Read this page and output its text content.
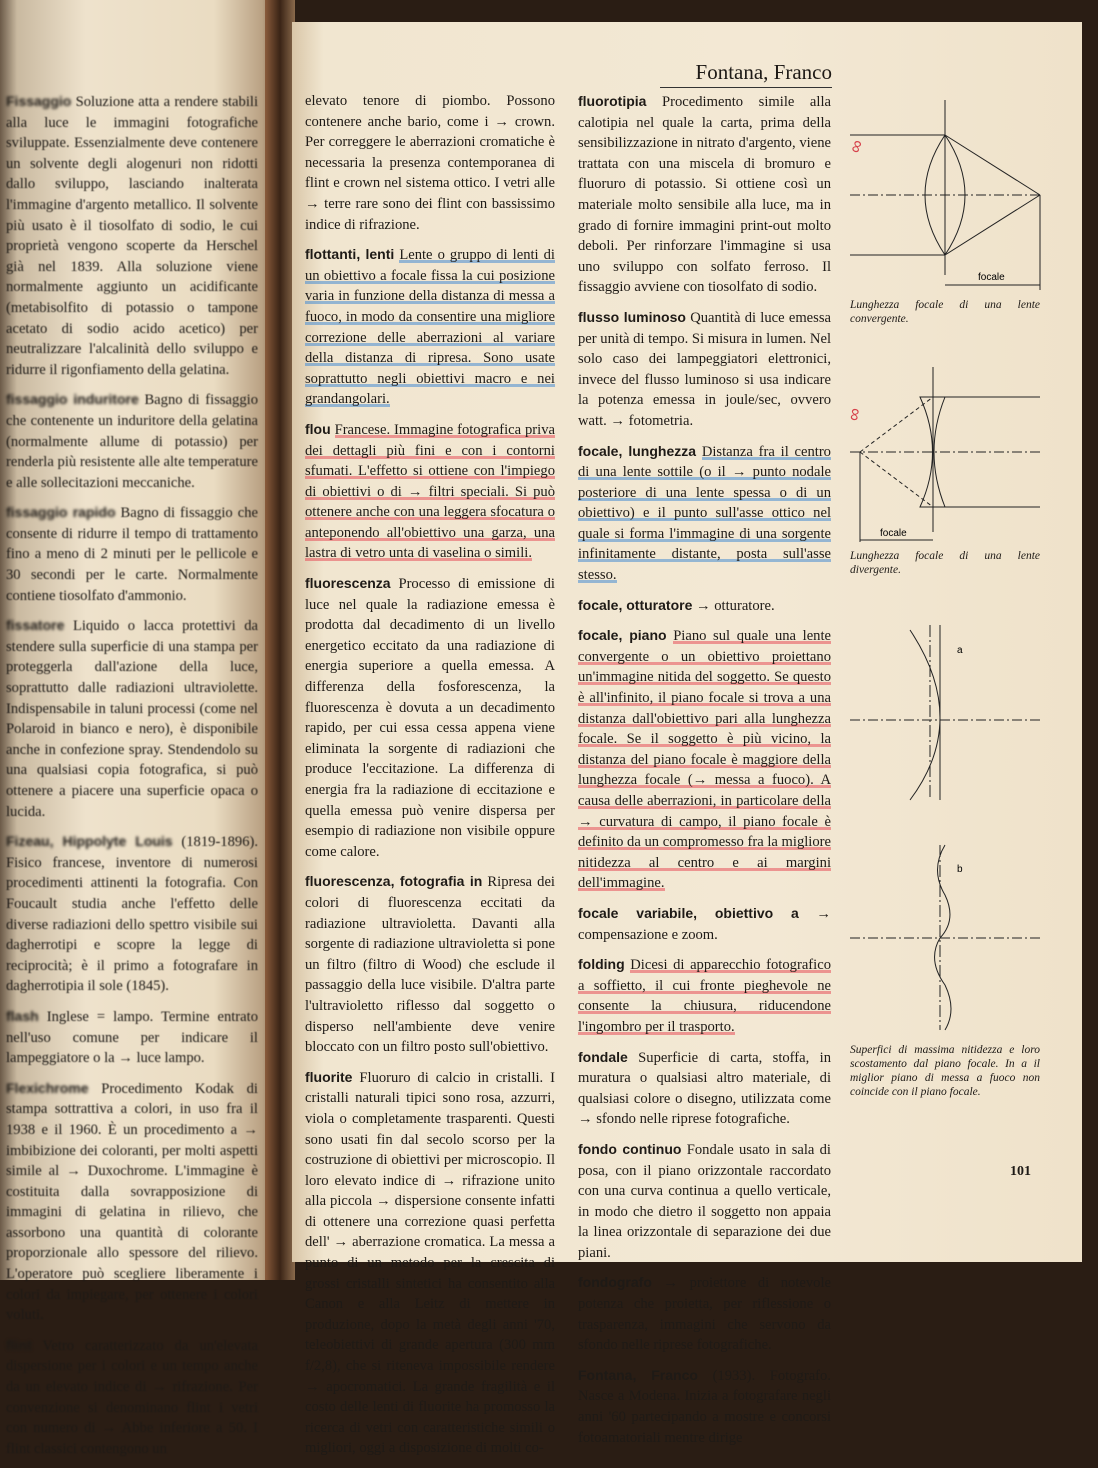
Fontana, Franco

Fissaggio Soluzione atta a rendere stabili alla luce le immagini fotografiche sviluppate. Essenzialmente deve contenere un solvente degli alogenuri non ridotti dallo sviluppo, lasciando inalterata l'immagine d'argento metallico. Il solvente più usato è il tiosolfato di sodio, le cui proprietà vengono scoperte da Herschel già nel 1839. Alla soluzione viene normalmente aggiunto un acidificante (metabisolfito di potassio o tampone acetato di sodio acido acetico) per neutralizzare l'alcalinità dello sviluppo e ridurre il rigonfiamento della gelatina.

fissaggio induritore Bagno di fissaggio che contenente un induritore della gelatina (normalmente allume di potassio) per renderla più resistente alle alte temperature e alle sollecitazioni meccaniche.

fissaggio rapido Bagno di fissaggio che consente di ridurre il tempo di trattamento fino a meno di 2 minuti per le pellicole e 30 secondi per le carte. Normalmente contiene tiosolfato d'ammonio.

fissatore Liquido o lacca protettivi da stendere sulla superficie di una stampa per proteggerla dall'azione della luce, soprattutto dalle radiazioni ultraviolette. Indispensabile in taluni processi (come nel Polaroid in bianco e nero), è disponibile anche in confezione spray. Stendendolo su una qualsiasi copia fotografica, si può ottenere a piacere una superficie opaca o lucida.

Fizeau, Hippolyte Louis (1819-1896). Fisico francese, inventore di numerosi procedimenti attinenti la fotografia. Con Foucault studia anche l'effetto delle diverse radiazioni dello spettro visibile sui dagherrotipi e scopre la legge di reciprocità; è il primo a fotografare in dagherrotipia il sole (1845).

flash Inglese = lampo. Termine entrato nell'uso comune per indicare il lampeggiatore o la → luce lampo.

Flexichrome Procedimento Kodak di stampa sottrattiva a colori, in uso fra il 1938 e il 1960. È un procedimento a → imbibizione dei coloranti, per molti aspetti simile al → Duxochrome. L'immagine è costituita dalla sovrapposizione di immagini di gelatina in rilievo, che assorbono una quantità di colorante proporzionale allo spessore del rilievo. L'operatore può scegliere liberamente i colori da impiegare, per ottenere i colori voluti.

flint Vetro caratterizzato da un'elevata dispersione per i colori e un tempo anche da un elevato indice di → rifrazione. Per convenzione si denominano flint i vetri con numero di → Abbe inferiore a 50. I flint classici contengono un

elevato tenore di piombo. Possono contenere anche bario, come i → crown. Per correggere le aberrazioni cromatiche è necessaria la presenza contemporanea di flint e crown nel sistema ottico. I vetri alle → terre rare sono dei flint con bassissimo indice di rifrazione.

flottanti, lenti Lente o gruppo di lenti di un obiettivo a focale fissa la cui posizione varia in funzione della distanza di messa a fuoco, in modo da consentire una migliore correzione delle aberrazioni al variare della distanza di ripresa. Sono usate soprattutto negli obiettivi macro e nei grandangolari.

flou Francese. Immagine fotografica priva dei dettagli più fini e con i contorni sfumati. L'effetto si ottiene con l'impiego di obiettivi o di → filtri speciali. Si può ottenere anche con una leggera sfocatura o anteponendo all'obiettivo una garza, una lastra di vetro unta di vaselina o simili.

fluorescenza Processo di emissione di luce nel quale la radiazione emessa è prodotta dal decadimento di un livello energetico eccitato da una radiazione di energia superiore a quella emessa. A differenza della fosforescenza, la fluorescenza è dovuta a un decadimento rapido, per cui essa cessa appena viene eliminata la sorgente di radiazioni che produce l'eccitazione. La differenza di energia fra la radiazione di eccitazione e quella emessa può venire dispersa per esempio di radiazione non visibile oppure come calore.

fluorescenza, fotografia in Ripresa dei colori di fluorescenza eccitati da radiazione ultravioletta. Davanti alla sorgente di radiazione ultravioletta si pone un filtro (filtro di Wood) che esclude il passaggio della luce visibile. D'altra parte l'ultravioletto riflesso dal soggetto o disperso nell'ambiente deve venire bloccato con un filtro posto sull'obiettivo.

fluorite Fluoruro di calcio in cristalli. I cristalli naturali tipici sono rosa, azzurri, viola o completamente trasparenti. Questi sono usati fin dal secolo scorso per la costruzione di obiettivi per microscopio. Il loro elevato indice di → rifrazione unito alla piccola → dispersione consente infatti di ottenere una correzione quasi perfetta dell' → aberrazione cromatica. La messa a punto di un metodo per la crescita di grossi cristalli sintetici ha consentito alla Canon e alla Leitz di mettere in produzione, dopo la metà degli anni '70, teleobiettivi di grande apertura (300 mm f/2,8), che si riteneva impossibile rendere → apocromatici. La grande fragilità e il costo delle lenti di fluorite ha promosso la ricerca di vetri con caratteristiche simili o migliori, oggi a disposizione di molti co-

fluorotipia Procedimento simile alla calotipia nel quale la carta, prima della sensibilizzazione in nitrato d'argento, viene trattata con una miscela di bromuro e fluoruro di potassio. Si ottiene così un materiale molto sensibile alla luce, ma in grado di fornire immagini print-out molto deboli. Per rinforzare l'immagine si usa uno sviluppo con solfato ferroso. Il fissaggio avviene con tiosolfato di sodio.

flusso luminoso Quantità di luce emessa per unità di tempo. Si misura in lumen. Nel solo caso dei lampeggiatori elettronici, invece del flusso luminoso si usa indicare la potenza emessa in joule/sec, ovvero watt. → fotometria.

focale, lunghezza Distanza fra il centro di una lente sottile (o il → punto nodale posteriore di una lente spessa o di un obiettivo) e il punto sull'asse ottico nel quale si forma l'immagine di una sorgente infinitamente distante, posta sull'asse stesso.

focale, otturatore → otturatore.

focale, piano Piano sul quale una lente convergente o un obiettivo proiettano un'immagine nitida del soggetto. Se questo è all'infinito, il piano focale si trova a una distanza dall'obiettivo pari alla lunghezza focale. Se il soggetto è più vicino, la distanza del piano focale è maggiore della lunghezza focale (→ messa a fuoco). A causa delle aberrazioni, in particolare della → curvatura di campo, il piano focale è definito da un compromesso fra la migliore nitidezza al centro e ai margini dell'immagine.

focale variabile, obiettivo a → compensazione e zoom.

folding Dicesi di apparecchio fotografico a soffietto, il cui fronte pieghevole ne consente la chiusura, riducendone l'ingombro per il trasporto.

fondale Superficie di carta, stoffa, in muratura o qualsiasi altro materiale, di qualsiasi colore o disegno, utilizzata come → sfondo nelle riprese fotografiche.

fondo continuo Fondale usato in sala di posa, con il piano orizzontale raccordato con una curva continua a quello verticale, in modo che dietro il soggetto non appaia la linea orizzontale di separazione dei due piani.

fondografo → proiettore di notevole potenza che proietta, per riflessione o trasparenza, immagini che servono da sfondo nelle riprese fotografiche.

Fontana, Franco (1933). Fotografo. Nasce a Modena. Inizia a fotografare negli anni '60 partecipando a mostre e concorsi fotoamatoriali mentre dirige

∞
∞
focale
Lunghezza focale di una lente convergente.
focale
Lunghezza focale di una lente divergente.
a
b
Superfici di massima nitidezza e loro scostamento dal piano focale. In a il miglior piano di messa a fuoco non coincide con il piano focale.
101
